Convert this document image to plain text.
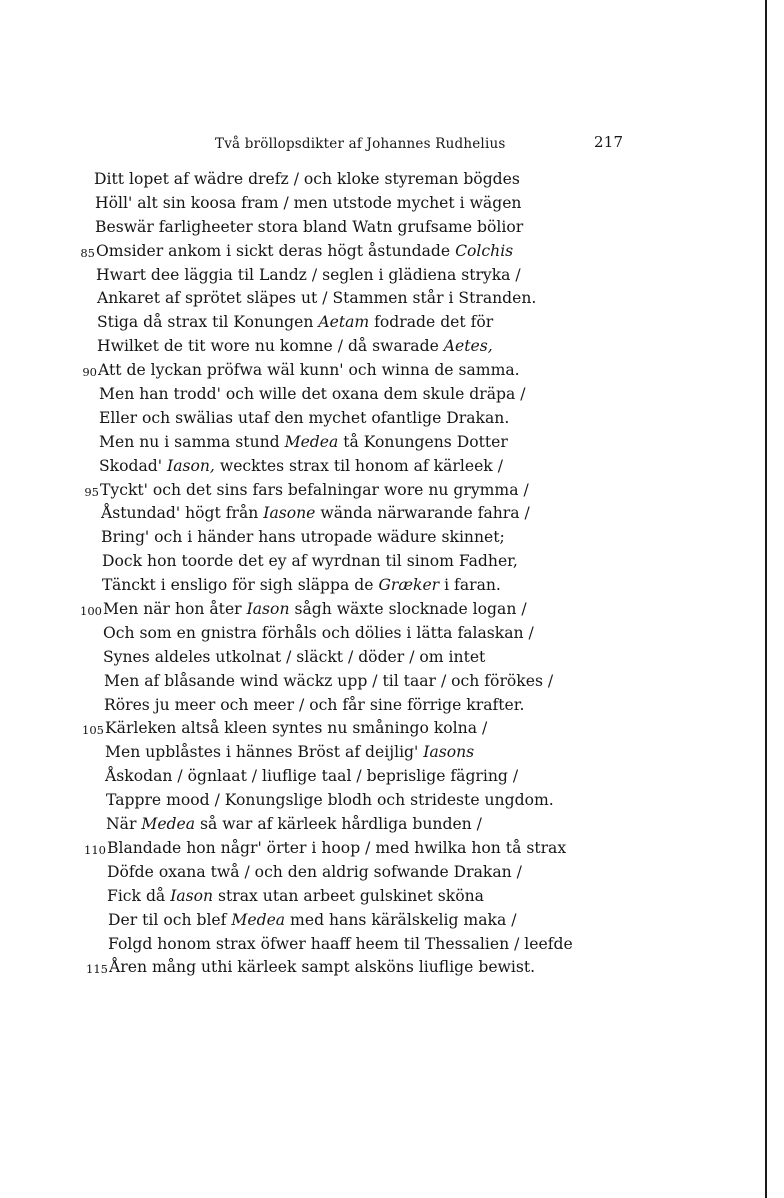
Två bröllopsdikter af Johannes Rudhelius	217
Ditt lopet af wädre drefz / och kloke styreman bögdes
Höll' alt sin koosa fram / men utstode mychet i wägen
Beswär farligheeter stora bland Watn grufsame bölior
85 Omsider ankom i sickt deras högt åstundade Colchis
Hwart dee läggia til Landz / seglen i glädiena stryka /
Ankaret af sprötet släpes ut / Stammen står i Stranden.
Stiga då strax til Konungen Aetam fodrade det för
Hwilket de tit wore nu komne / då swarade Aetes,
90 Att de lyckan pröfwa wäl kunn' och winna de samma.
Men han trodd' och wille det oxana dem skule dräpa /
Eller och swälias utaf den mychet ofantlige Drakan.
Men nu i samma stund Medea tå Konungens Dotter
Skodad' Iason, wecktes strax til honom af kärleek /
95 Tyckt' och det sins fars befalningar wore nu grymma /
Åstundad' högt från Iasone wända närwarande fahra /
Bring' och i händer hans utropade wädure skinnet;
Dock hon toorde det ey af wyrdnan til sinom Fadher,
Tänckt i ensligo för sigh släppa de Græker i faran.
100 Men när hon åter Iason sågh wäxte slocknade logan /
Och som en gnistra förhåls och dölies i lätta falaskan /
Synes aldeles utkolnat / släckt / döder / om intet
Men af blåsande wind wäckz upp / til taar / och förökes /
Röres ju meer och meer / och får sine förrige krafter.
105 Kärleken altså kleen syntes nu småningo kolna /
Men upblåstes i hännes Bröst af deijlig' Iasons
Åskodan / ögnlaat / liuflige taal / beprislige fägring /
Tappre mood / Konungslige blodh och strideste ungdom.
När Medea så war af kärleek hårdliga bunden /
110 Blandade hon någr' örter i hoop / med hwilka hon tå strax
Döfde oxana twå / och den aldrig sofwande Drakan /
Fick då Iason strax utan arbeet gulskinet sköna
Der til och blef Medea med hans kärälskelig maka /
Folgd honom strax öfwer haaff heem til Thessalien / leefde
115 Åren mång uthi kärleek sampt alsköns liuflige bewist.
